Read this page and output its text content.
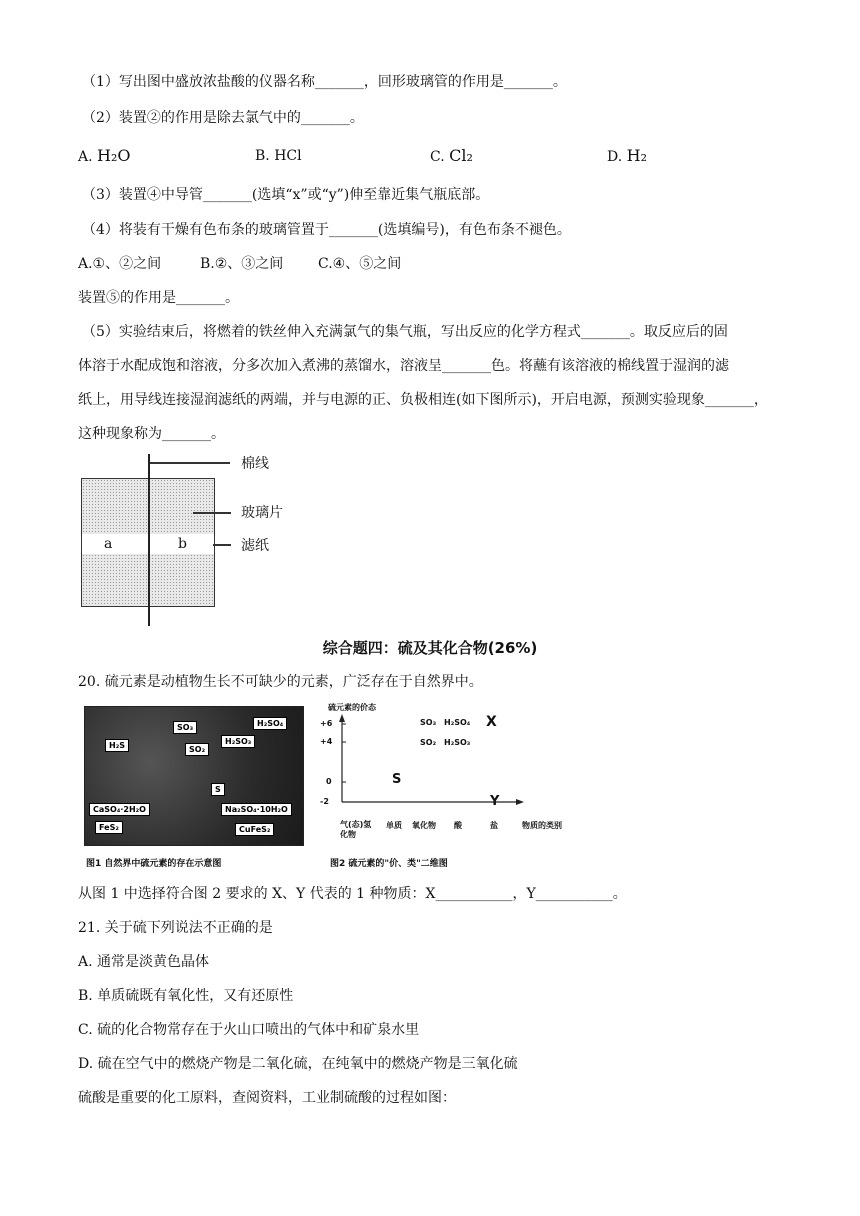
（1）写出图中盛放浓盐酸的仪器名称_______，回形玻璃管的作用是_______。
（2）装置②的作用是除去氯气中的_______。
A. H₂O	B. HCl	C. Cl₂	D. H₂
（3）装置④中导管_______(选填“x”或“y”)伸至靠近集气瓶底部。
（4）将装有干燥有色布条的玻璃管置于_______(选填编号)，有色布条不褪色。
A.①、②之间	B.②、③之间 C.④、⑤之间
装置⑤的作用是_______。
（5）实验结束后，将燃着的铁丝伸入充满氯气的集气瓶，写出反应的化学方程式_______。取反应后的固
体溶于水配成饱和溶液，分多次加入煮沸的蒸馏水，溶液呈_______色。将蘸有该溶液的棉线置于湿润的滤
纸上，用导线连接湿润滤纸的两端，并与电源的正、负极相连(如下图所示)，开启电源，预测实验现象_______，
这种现象称为_______。
a	b
棉线
玻璃片
滤纸
综合题四：硫及其化合物(26%)
20. 硫元素是动植物生长不可缺少的元素，广泛存在于自然界中。
SO₃	H₂SO₄
H₂S	SO₂
H₂SO₃
S
CaSO₄·2H₂O	Na₂SO₄·10H₂O
FeS₂	CuFeS₂
图1 自然界中硫元素的存在示意图
硫元素的价态
+6
+4
0
-2
SO₃ H₂SO₄ X
SO₂ H₂SO₃
S
Y
气(态)氢化物
单质 氧化物 酸	盐	物质的类别
图2 硫元素的"价、类"二维图
从图 1 中选择符合图 2 要求的 X、Y 代表的 1 种物质：X___________，Y___________。
21. 关于硫下列说法不正确的是
A. 通常是淡黄色晶体
B. 单质硫既有氧化性，又有还原性
C. 硫的化合物常存在于火山口喷出的气体中和矿泉水里
D. 硫在空气中的燃烧产物是二氧化硫，在纯氧中的燃烧产物是三氧化硫
硫酸是重要的化工原料，查阅资料，工业制硫酸的过程如图：
